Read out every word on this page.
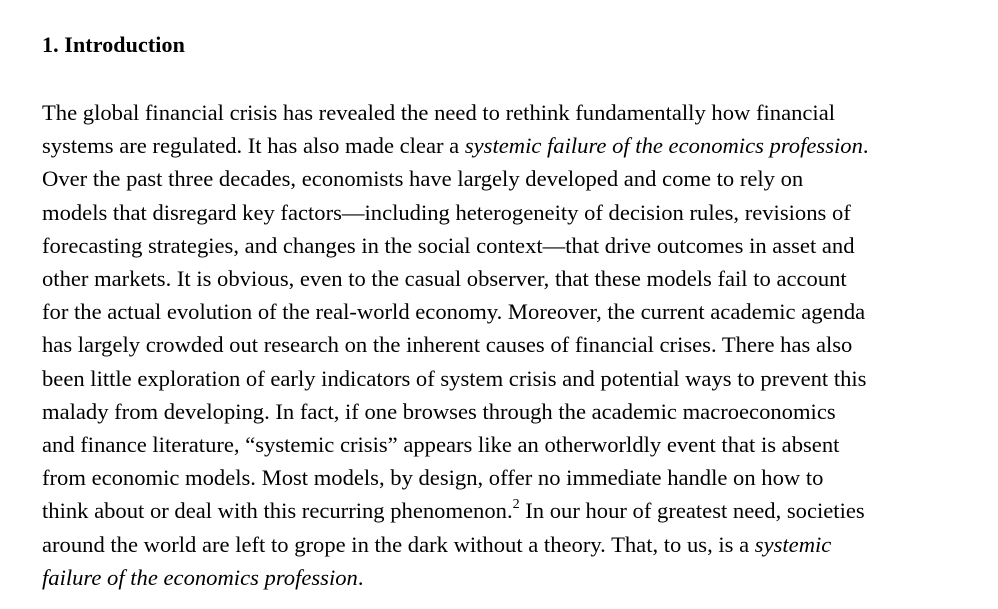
1. Introduction

The global financial crisis has revealed the need to rethink fundamentally how financial
systems are regulated. It has also made clear a systemic failure of the economics profession.
Over the past three decades, economists have largely developed and come to rely on
models that disregard key factors—including heterogeneity of decision rules, revisions of
forecasting strategies, and changes in the social context—that drive outcomes in asset and
other markets. It is obvious, even to the casual observer, that these models fail to account
for the actual evolution of the real-world economy. Moreover, the current academic agenda
has largely crowded out research on the inherent causes of financial crises. There has also
been little exploration of early indicators of system crisis and potential ways to prevent this
malady from developing. In fact, if one browses through the academic macroeconomics
and finance literature, “systemic crisis” appears like an otherworldly event that is absent
from economic models. Most models, by design, offer no immediate handle on how to
think about or deal with this recurring phenomenon.$^2$ In our hour of greatest need, societies
around the world are left to grope in the dark without a theory. That, to us, is a systemic
failure of the economics profession.
